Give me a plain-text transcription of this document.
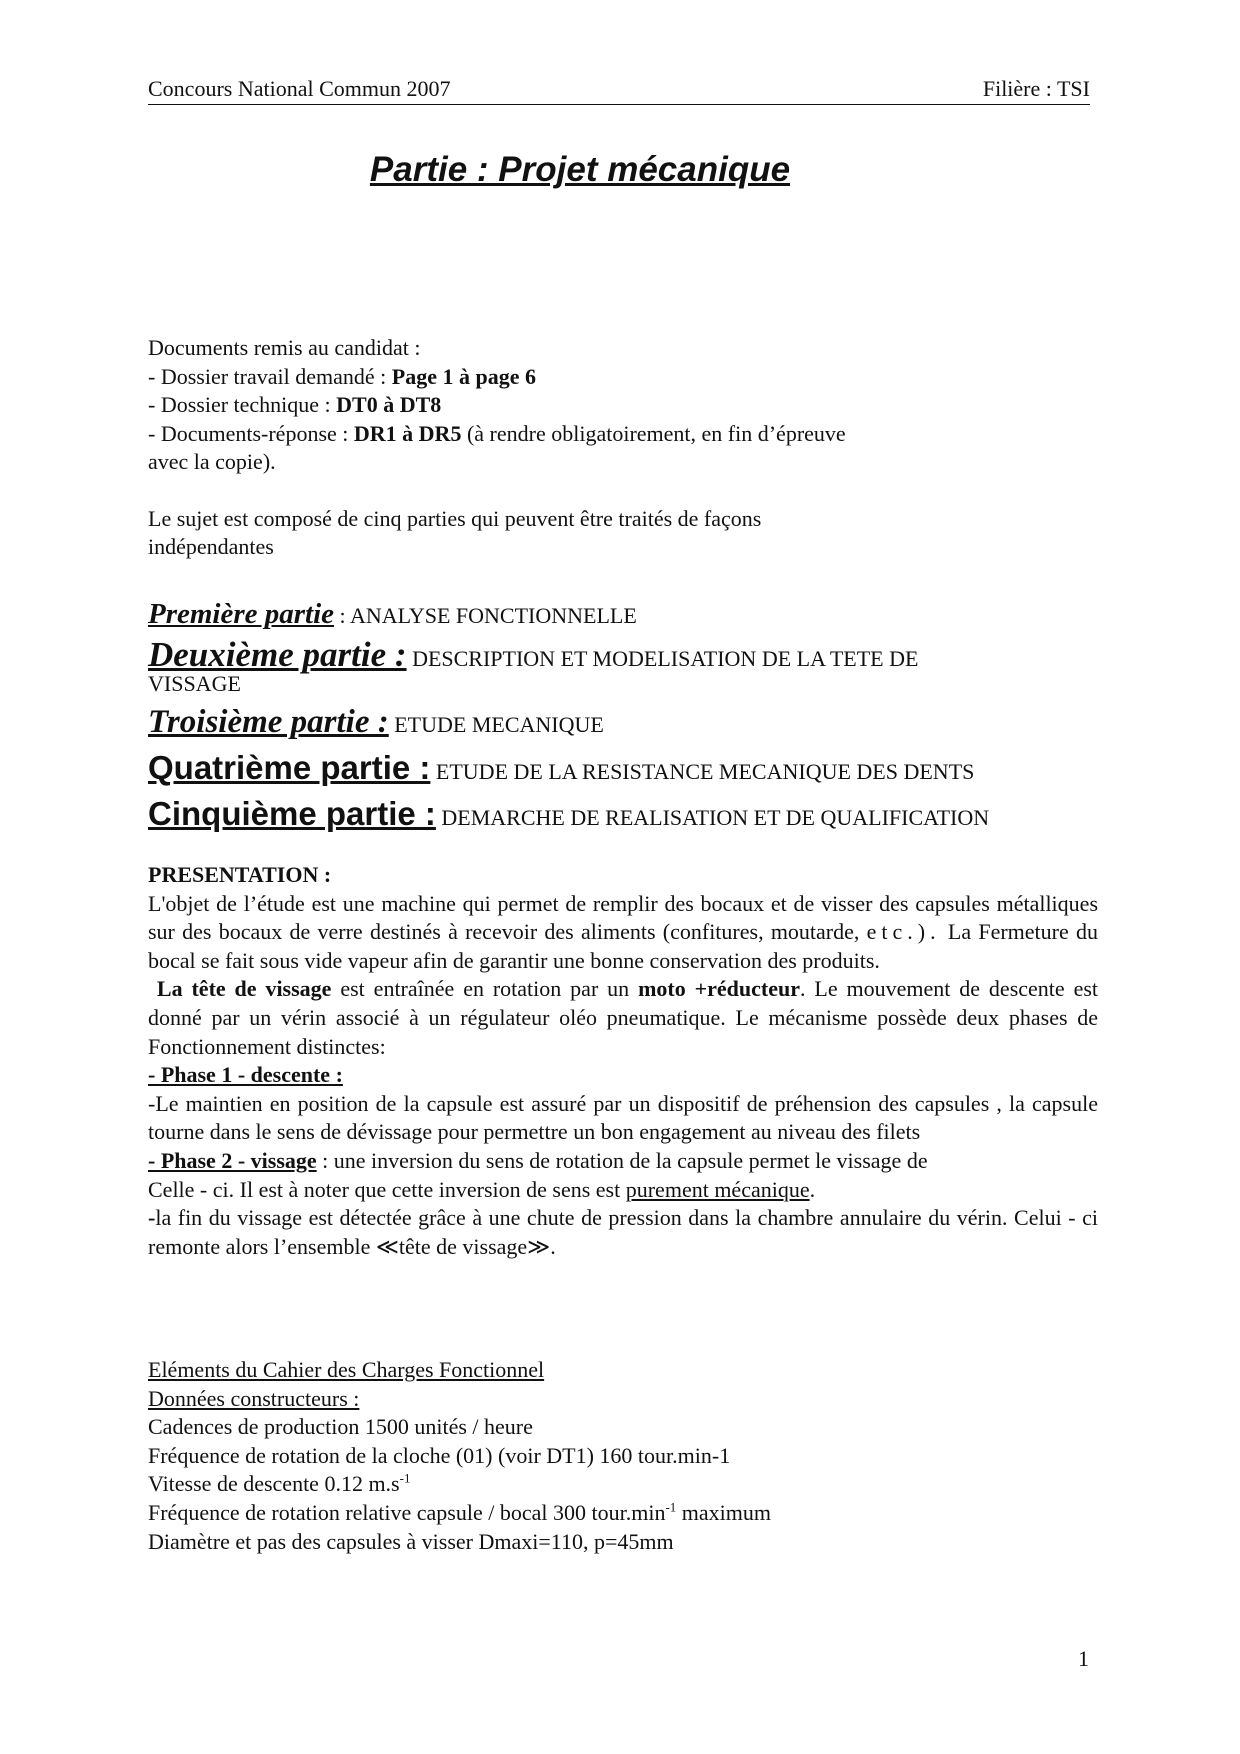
Concours National Commun 2007	Filière : TSI
Partie : Projet mécanique

Documents remis au candidat :

- Dossier travail demandé : Page 1 à page 6

- Dossier technique : DT0 à DT8

- Documents-réponse : DR1 à DR5 (à rendre obligatoirement, en fin d’épreuve

avec la copie).

Le sujet est composé de cinq parties qui peuvent être traités de façons

indépendantes

Première partie : ANALYSE FONCTIONNELLE

Deuxième partie : DESCRIPTION ET MODELISATION DE LA TETE DE

VISSAGE

Troisième partie : ETUDE MECANIQUE

Quatrième partie : ETUDE DE LA RESISTANCE MECANIQUE DES DENTS

Cinquième partie : DEMARCHE DE REALISATION ET DE QUALIFICATION

PRESENTATION :

L'objet de l’étude est une machine qui permet de remplir des bocaux et de visser des capsules métalliques sur des bocaux de verre destinés à recevoir des aliments (confitures, moutarde, etc.). La Fermeture du bocal se fait sous vide vapeur afin de garantir une bonne conservation des produits.

La tête de vissage est entraînée en rotation par un moto +réducteur. Le mouvement de descente est donné par un vérin associé à un régulateur oléo pneumatique. Le mécanisme possède deux phases de Fonctionnement distinctes:

- Phase 1 - descente :

-Le maintien en position de la capsule est assuré par un dispositif de préhension des capsules , la capsule tourne dans le sens de dévissage pour permettre un bon engagement au niveau des filets

- Phase 2 - vissage : une inversion du sens de rotation de la capsule permet le vissage de

Celle - ci. Il est à noter que cette inversion de sens est purement mécanique.

-la fin du vissage est détectée grâce à une chute de pression dans la chambre annulaire du vérin. Celui - ci remonte alors l’ensemble ≪tête de vissage≫.

Eléments du Cahier des Charges Fonctionnel

Données constructeurs :

Cadences de production 1500 unités / heure

Fréquence de rotation de la cloche (01) (voir DT1) 160 tour.min-1

Vitesse de descente 0.12 $m.s^{-1}$

Fréquence de rotation relative capsule / bocal 300 $tour.\min^{-1}$ maximum

Diamètre et pas des capsules à visser Dmaxi=110, p=45mm

1
